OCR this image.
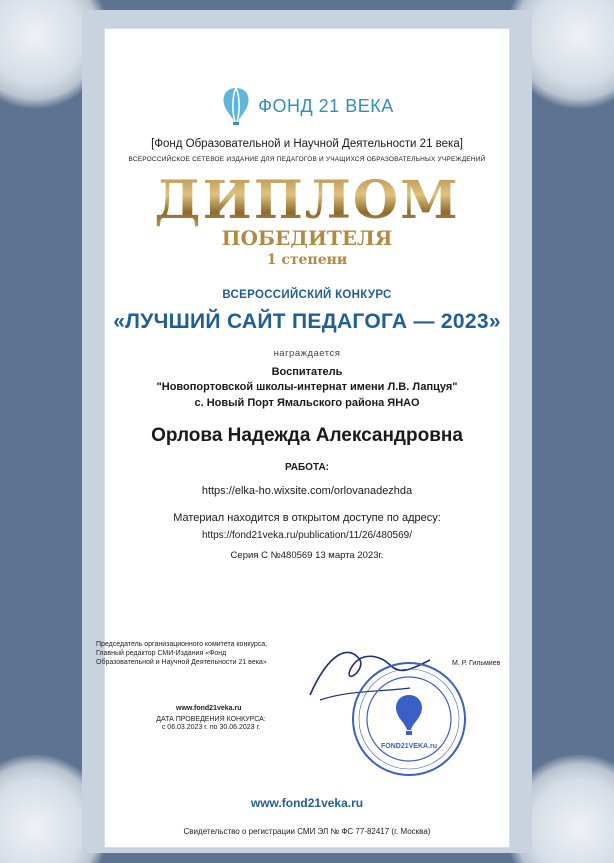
ФОНД 21 ВЕКА
[Фонд Образовательной и Научной Деятельности 21 века]
ВСЕРОССИЙСКОЕ СЕТЕВОЕ ИЗДАНИЕ ДЛЯ ПЕДАГОГОВ И УЧАЩИХСЯ ОБРАЗОВАТЕЛЬНЫХ УЧРЕЖДЕНИЙ
ДИПЛОМ
ПОБЕДИТЕЛЯ
1 степени
ВСЕРОССИЙСКИЙ КОНКУРС
«ЛУЧШИЙ САЙТ ПЕДАГОГА — 2023»
награждается
Воспитатель
"Новопортовской школы-интернат имени Л.В. Лапцуя"
с. Новый Порт Ямальского района ЯНАО
Орлова Надежда Александровна
РАБОТА:
https://elka-ho.wixsite.com/orlovanadezhda
Материал находится в открытом доступе по адресу:
https://fond21veka.ru/publication/11/26/480569/
Серия С №480569 13 марта 2023г.
Председатель организационного комитета конкурса,
Главный редактор СМИ-Издания «Фонд
Образовательной и Научной Деятельности 21 века»	М. Р. Гильмиев
FOND21VEKA.ru
www.fond21veka.ru
ДАТА ПРОВЕДЕНИЯ КОНКУРСА:
с 06.03.2023 г. по 30.06.2023 г.
www.fond21veka.ru
Свидетельство о регистрации СМИ ЭЛ № ФС 77-82417 (г. Москва)
